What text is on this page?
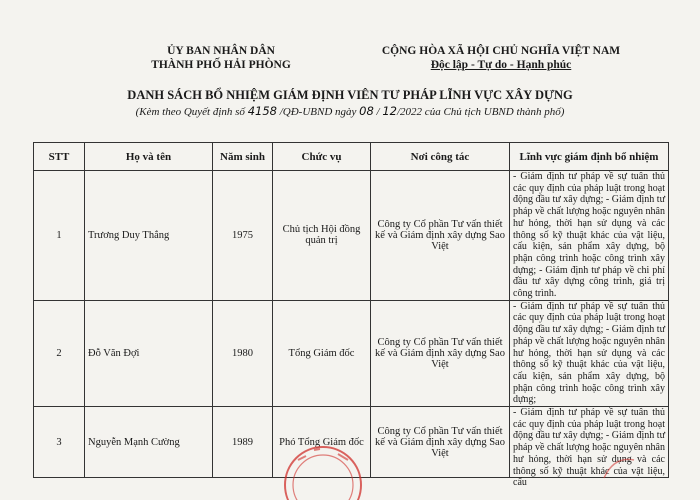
ỦY BAN NHÂN DÂN
THÀNH PHỐ HẢI PHÒNG
CỘNG HÒA XÃ HỘI CHỦ NGHĨA VIỆT NAM
Độc lập - Tự do - Hạnh phúc
DANH SÁCH BỔ NHIỆM GIÁM ĐỊNH VIÊN TƯ PHÁP LĨNH VỰC XÂY DỰNG
(Kèm theo Quyết định số 4158 /QĐ-UBND ngày 08 / 12/2022 của Chủ tịch UBND thành phố)
STT	Họ và tên	Năm sinh	Chức vụ	Nơi công tác	Lĩnh vực giám định bổ nhiệm
1	Trương Duy Thắng	1975	Chủ tịch Hội đồng quản trị	Công ty Cổ phần Tư vấn thiết kế và Giám định xây dựng Sao Việt	- Giám định tư pháp về sự tuân thủ các quy định của pháp luật trong hoạt động đầu tư xây dựng; - Giám định tư pháp về chất lượng hoặc nguyên nhân hư hỏng, thời hạn sử dụng và các thông số kỹ thuật khác của vật liệu, cấu kiện, sản phẩm xây dựng, bộ phận công trình hoặc công trình xây dựng; - Giám định tư pháp về chi phí đầu tư xây dựng công trình, giá trị công trình.
2	Đỗ Văn Đợi	1980	Tổng Giám đốc	Công ty Cổ phần Tư vấn thiết kế và Giám định xây dựng Sao Việt	- Giám định tư pháp về sự tuân thủ các quy định của pháp luật trong hoạt động đầu tư xây dựng; - Giám định tư pháp về chất lượng hoặc nguyên nhân hư hỏng, thời hạn sử dụng và các thông số kỹ thuật khác của vật liệu, cấu kiện, sản phẩm xây dựng, bộ phận công trình hoặc công trình xây dựng;
3	Nguyễn Mạnh Cường	1989	Phó Tổng Giám đốc	Công ty Cổ phần Tư vấn thiết kế và Giám định xây dựng Sao Việt	- Giám định tư pháp về sự tuân thủ các quy định của pháp luật trong hoạt động đầu tư xây dựng; - Giám định tư pháp về chất lượng hoặc nguyên nhân hư hỏng, thời hạn sử dụng và các thông số kỹ thuật khác của vật liệu, cấu
